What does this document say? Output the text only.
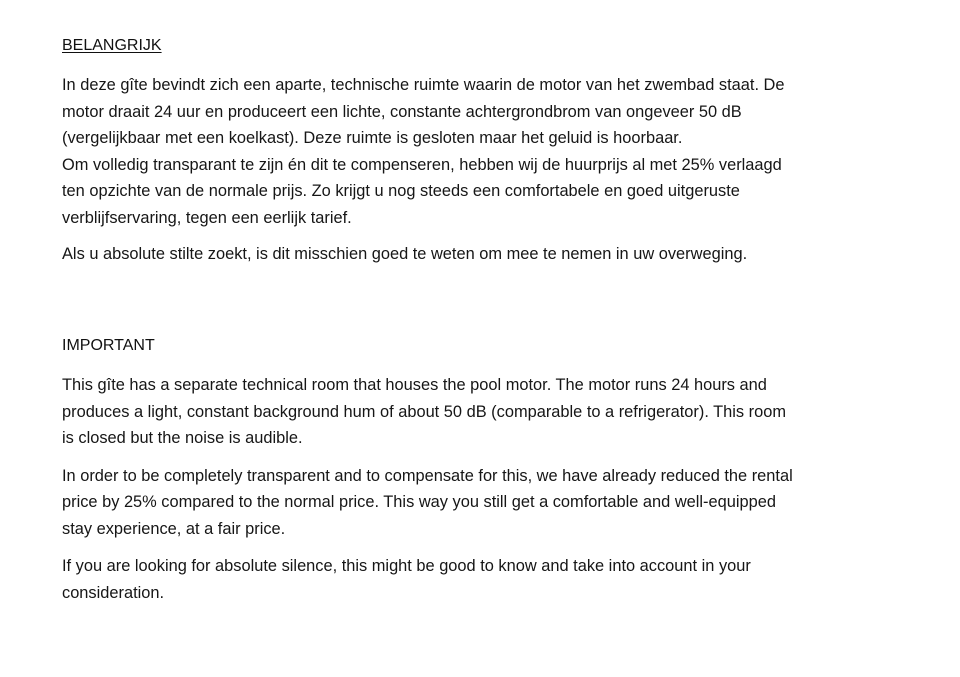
BELANGRIJK

In deze gîte bevindt zich een aparte, technische ruimte waarin de motor van het zwembad staat. De
motor draait 24 uur en produceert een lichte, constante achtergrondbrom van ongeveer 50 dB
(vergelijkbaar met een koelkast). Deze ruimte is gesloten maar het geluid is hoorbaar.
Om volledig transparant te zijn én dit te compenseren, hebben wij de huurprijs al met 25% verlaagd
ten opzichte van de normale prijs. Zo krijgt u nog steeds een comfortabele en goed uitgeruste
verblijfservaring, tegen een eerlijk tarief.

Als u absolute stilte zoekt, is dit misschien goed te weten om mee te nemen in uw overweging.

IMPORTANT

This gîte has a separate technical room that houses the pool motor. The motor runs 24 hours and
produces a light, constant background hum of about 50 dB (comparable to a refrigerator). This room
is closed but the noise is audible.

In order to be completely transparent and to compensate for this, we have already reduced the rental
price by 25% compared to the normal price. This way you still get a comfortable and well-equipped
stay experience, at a fair price.

If you are looking for absolute silence, this might be good to know and take into account in your
consideration.
